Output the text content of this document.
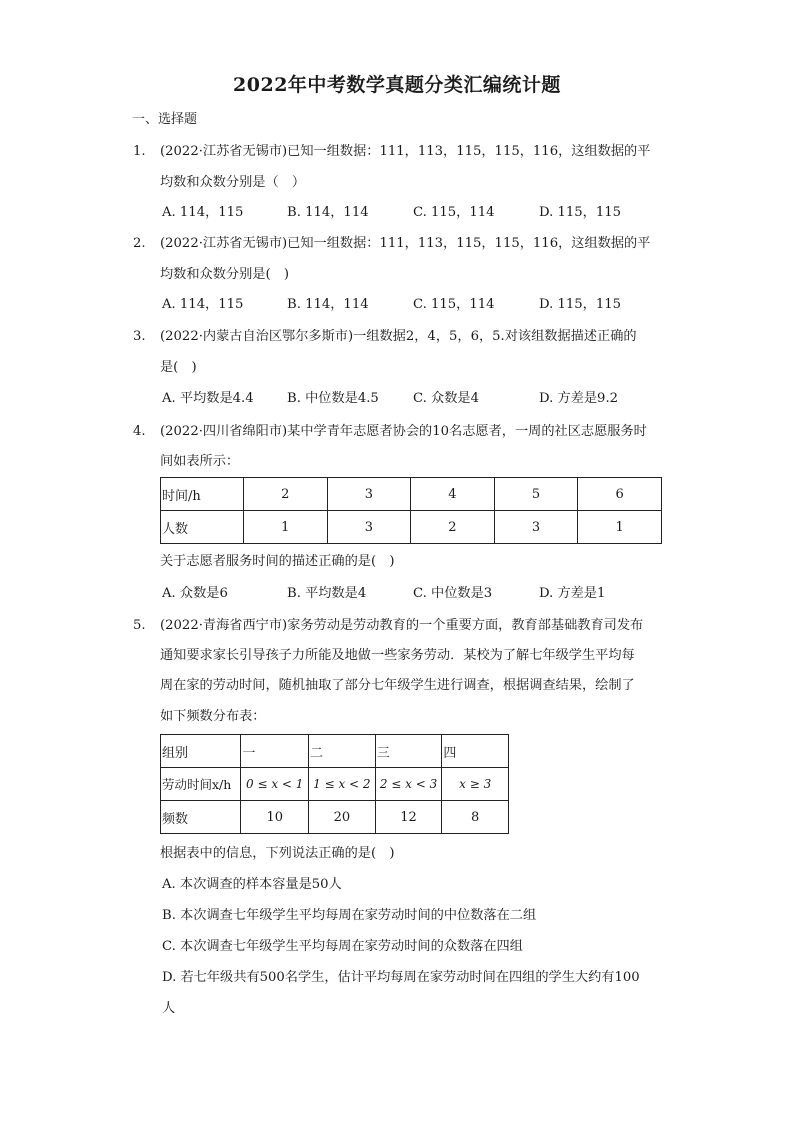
2022年中考数学真题分类汇编统计题
一、选择题
1. (2022·江苏省无锡市)已知一组数据：111，113，115，115，116，这组数据的平
均数和众数分别是（　）
A. 114，115	B. 114，114	C. 115，114	D. 115，115
2. (2022·江苏省无锡市)已知一组数据：111，113，115，115，116，这组数据的平
均数和众数分别是(　)
A. 114，115	B. 114，114	C. 115，114	D. 115，115
3. (2022·内蒙古自治区鄂尔多斯市)一组数据2，4，5，6，5.对该组数据描述正确的
是(　)
A. 平均数是4.4	B. 中位数是4.5	C. 众数是4	D. 方差是9.2
4. (2022·四川省绵阳市)某中学青年志愿者协会的10名志愿者，一周的社区志愿服务时
间如表所示：
时间/h	2	3	4	5	6
人数	1	3	2	3	1
关于志愿者服务时间的描述正确的是(　)
A. 众数是6	B. 平均数是4	C. 中位数是3	D. 方差是1
5. (2022·青海省西宁市)家务劳动是劳动教育的一个重要方面，教育部基础教育司发布
通知要求家长引导孩子力所能及地做一些家务劳动．某校为了解七年级学生平均每
周在家的劳动时间，随机抽取了部分七年级学生进行调查，根据调查结果，绘制了
如下频数分布表：
组别	一	二	三	四
劳动时间x/h	0 ≤ x < 1	1 ≤ x < 2	2 ≤ x < 3	x ≥ 3
频数	10	20	12	8
根据表中的信息，下列说法正确的是(　)
A. 本次调查的样本容量是50人
B. 本次调查七年级学生平均每周在家劳动时间的中位数落在二组
C. 本次调查七年级学生平均每周在家劳动时间的众数落在四组
D. 若七年级共有500名学生，估计平均每周在家劳动时间在四组的学生大约有100
人
